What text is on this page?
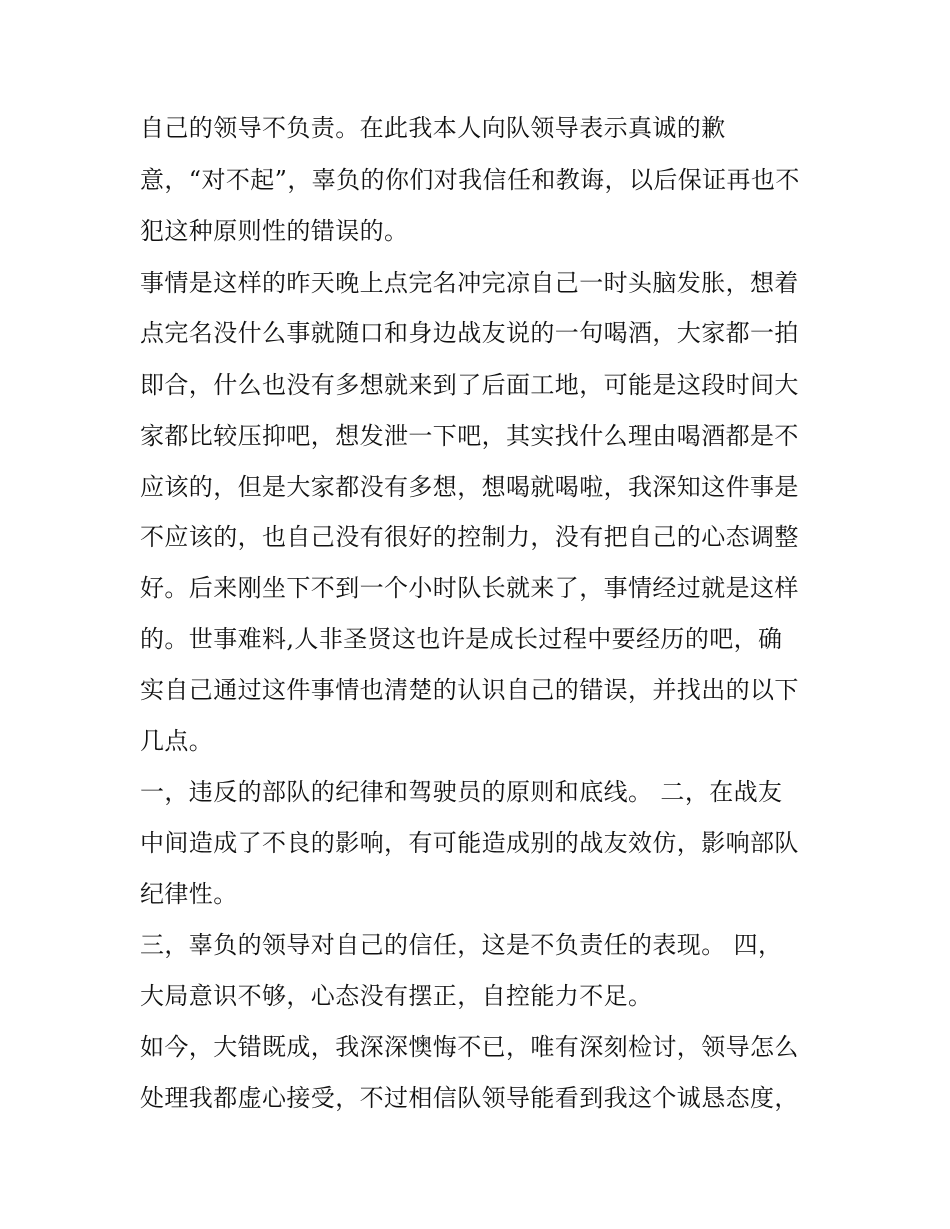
自己的领导不负责。在此我本人向队领导表示真诚的歉

意，“对不起”，辜负的你们对我信任和教诲，以后保证再也不

犯这种原则性的错误的。

事情是这样的昨天晚上点完名冲完凉自己一时头脑发胀，想着

点完名没什么事就随口和身边战友说的一句喝酒，大家都一拍

即合，什么也没有多想就来到了后面工地，可能是这段时间大

家都比较压抑吧，想发泄一下吧，其实找什么理由喝酒都是不

应该的，但是大家都没有多想，想喝就喝啦，我深知这件事是

不应该的，也自己没有很好的控制力，没有把自己的心态调整

好。后来刚坐下不到一个小时队长就来了，事情经过就是这样

的。世事难料,人非圣贤这也许是成长过程中要经历的吧，确

实自己通过这件事情也清楚的认识自己的错误，并找出的以下

几点。

一，违反的部队的纪律和驾驶员的原则和底线。 二，在战友

中间造成了不良的影响，有可能造成别的战友效仿，影响部队

纪律性。

三，辜负的领导对自己的信任，这是不负责任的表现。 四，

大局意识不够，心态没有摆正，自控能力不足。

如今，大错既成，我深深懊悔不已，唯有深刻检讨，领导怎么

处理我都虚心接受，不过相信队领导能看到我这个诚恳态度，
